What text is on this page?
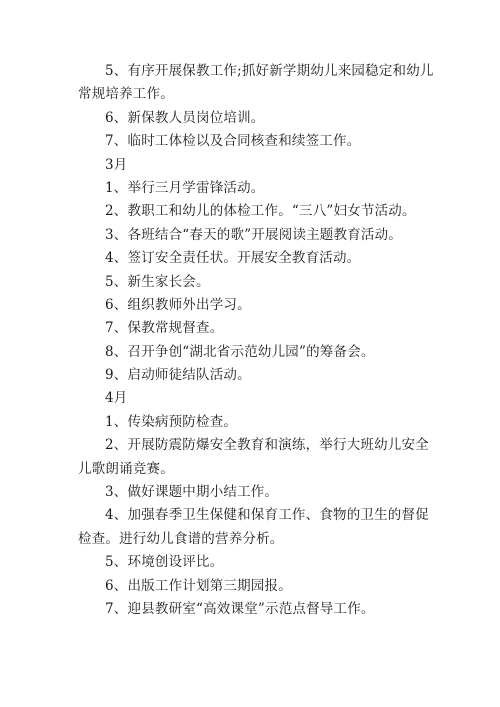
5、有序开展保教工作;抓好新学期幼儿来园稳定和幼儿
常规培养工作。
6、新保教人员岗位培训。
7、临时工体检以及合同核查和续签工作。
3月
1、举行三月学雷锋活动。
2、教职工和幼儿的体检工作。“三八”妇女节活动。
3、各班结合“春天的歌”开展阅读主题教育活动。
4、签订安全责任状。开展安全教育活动。
5、新生家长会。
6、组织教师外出学习。
7、保教常规督查。
8、召开争创“湖北省示范幼儿园”的筹备会。
9、启动师徒结队活动。
4月
1、传染病预防检查。
2、开展防震防爆安全教育和演练，举行大班幼儿安全
儿歌朗诵竞赛。
3、做好课题中期小结工作。
4、加强春季卫生保健和保育工作、食物的卫生的督促
检查。进行幼儿食谱的营养分析。
5、环境创设评比。
6、出版工作计划第三期园报。
7、迎县教研室“高效课堂”示范点督导工作。
